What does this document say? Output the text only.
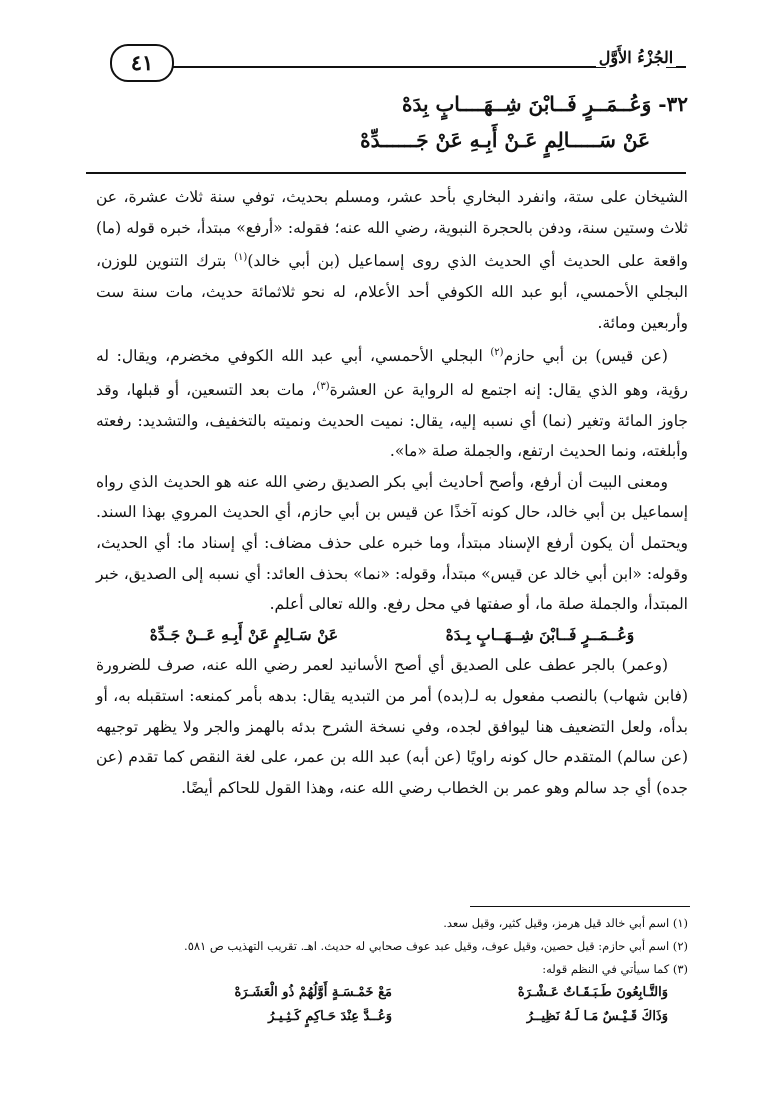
٤١	الجُزْءُ الأَوَّل
٣٢- وَعُــمَــرٍ فَــابْنَ شِــهَــــابٍ بِدَهْ
عَنْ سَـــــالِمٍ عَـنْ أَبِـهِ عَنْ جَــــــدِّهْ

الشيخان على ستة، وانفرد البخاري بأحد عشر، ومسلم بحديث، توفي سنة ثلاث عشرة، عن ثلاث وستين سنة، ودفن بالحجرة النبوية، رضي الله عنه؛ فقوله: «أرفع» مبتدأ، خبره قوله (ما) واقعة على الحديث أي الحديث الذي روى إسماعيل (بن أبي خالد)$^{(١)}$ بترك التنوين للوزن، البجلي الأحمسي، أبو عبد الله الكوفي أحد الأعلام، له نحو ثلاثمائة حديث، مات سنة ست وأربعين ومائة.

(عن قيس) بن أبي حازم$^{(٢)}$ البجلي الأحمسي، أبي عبد الله الكوفي مخضرم، ويقال: له رؤية، وهو الذي يقال: إنه اجتمع له الرواية عن العشرة$^{(٣)}$، مات بعد التسعين، أو قبلها، وقد جاوز المائة وتغير (نما) أي نسبه إليه، يقال: نميت الحديث ونميته بالتخفيف، والتشديد: رفعته وأبلغته، ونما الحديث ارتفع، والجملة صلة «ما».

ومعنى البيت أن أرفع، وأصح أحاديث أبي بكر الصديق رضي الله عنه هو الحديث الذي رواه إسماعيل بن أبي خالد، حال كونه آخذًا عن قيس بن أبي حازم، أي الحديث المروي بهذا السند. ويحتمل أن يكون أرفع الإسناد مبتدأ، وما خبره على حذف مضاف: أي إسناد ما: أي الحديث، وقوله: «ابن أبي خالد عن قيس» مبتدأ، وقوله: «نما» بحذف العائد: أي نسبه إلى الصديق، خبر المبتدأ، والجملة صلة ما، أو صفتها في محل رفع. والله تعالى أعلم.

وَعُــمَــرٍ فَــابْنَ شِــهَــابٍ بِـدَهْ
عَنْ سَـالِمٍ عَنْ أَبِـهِ عَــنْ جَـدِّهْ

(وعمر) بالجر عطف على الصديق أي أصح الأسانيد لعمر رضي الله عنه، صرف للضرورة (فابن شهاب) بالنصب مفعول به لـ(بده) أمر من التبديه يقال: بدهه بأمر كمنعه: استقبله به، أو بدأه، ولعل التضعيف هنا ليوافق لجده، وفي نسخة الشرح بدئه بالهمز والجر ولا يظهر توجيهه (عن سالم) المتقدم حال كونه راويًا (عن أبه) عبد الله بن عمر، على لغة النقص كما تقدم (عن جده) أي جد سالم وهو عمر بن الخطاب رضي الله عنه، وهذا القول للحاكم أيضًا.

(١) اسم أبي خالد قيل هرمز، وقيل كثير، وقيل سعد.

(٢) اسم أبي حازم: قيل حصين، وقيل عوف، وقيل عبد عوف صحابي له حديث. اهـ. تقريب التهذيب ص ٥٨١.

(٣) كما سيأتي في النظم قوله:

وَالتَّـابِعُونَ طَـبَـقَـاتٌ عَـشْـرَهْ
مَعْ خَمْـسَـةٍ أَوَّلُهُمْ ذُو الْعَشَـرَهْ
وَذَاكَ قَـيْـسٌ مَـا لَـهُ نَظِيــرُ
وَعُــدَّ عِنْدَ حَـاكِمٍ كَـثِـيـرُ
